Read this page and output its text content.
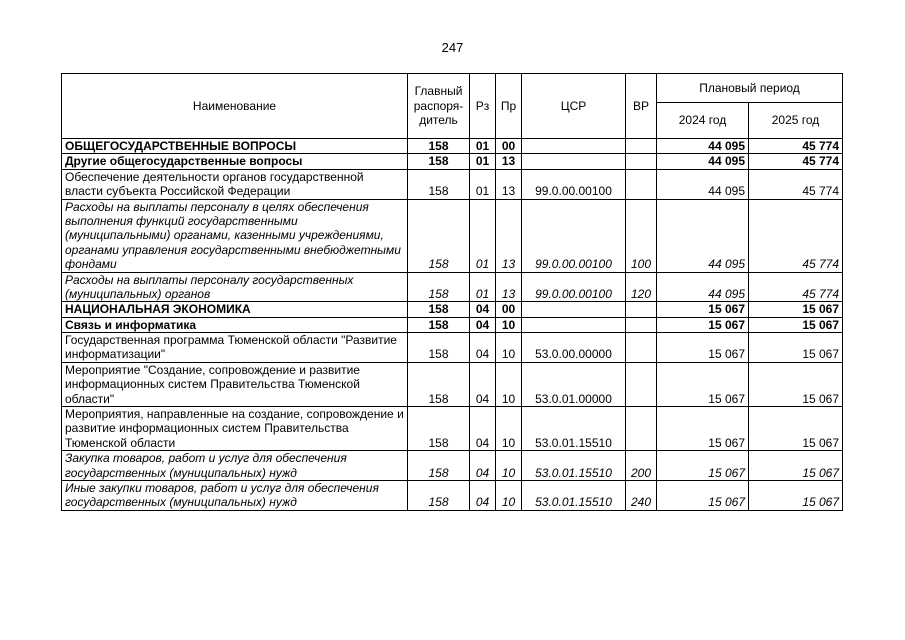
247
Наименование	Главный распоря-дитель	Рз	Пр	ЦСР	ВР	Плановый период	
						2024 год	2025 год
ОБЩЕГОСУДАРСТВЕННЫЕ ВОПРОСЫ	158	01	00			44 095	45 774
Другие общегосударственные вопросы	158	01	13			44 095	45 774
Обеспечение деятельности органов государственной власти субъекта Российской Федерации	158	01	13	99.0.00.00100		44 095	45 774
Расходы на выплаты персоналу в целях обеспечения выполнения функций государственными (муниципальными) органами, казенными учреждениями, органами управления государственными внебюджетными фондами	158	01	13	99.0.00.00100	100	44 095	45 774
Расходы на выплаты персоналу государственных (муниципальных) органов	158	01	13	99.0.00.00100	120	44 095	45 774
НАЦИОНАЛЬНАЯ ЭКОНОМИКА	158	04	00			15 067	15 067
Связь и информатика	158	04	10			15 067	15 067
Государственная программа Тюменской области "Развитие информатизации"	158	04	10	53.0.00.00000		15 067	15 067
Мероприятие "Создание, сопровождение и развитие информационных систем Правительства Тюменской области"	158	04	10	53.0.01.00000		15 067	15 067
Мероприятия, направленные на создание, сопровождение и развитие информационных систем Правительства Тюменской области	158	04	10	53.0.01.15510		15 067	15 067
Закупка товаров, работ и услуг для обеспечения государственных (муниципальных) нужд	158	04	10	53.0.01.15510	200	15 067	15 067
Иные закупки товаров, работ и услуг для обеспечения государственных (муниципальных) нужд	158	04	10	53.0.01.15510	240	15 067	15 067
